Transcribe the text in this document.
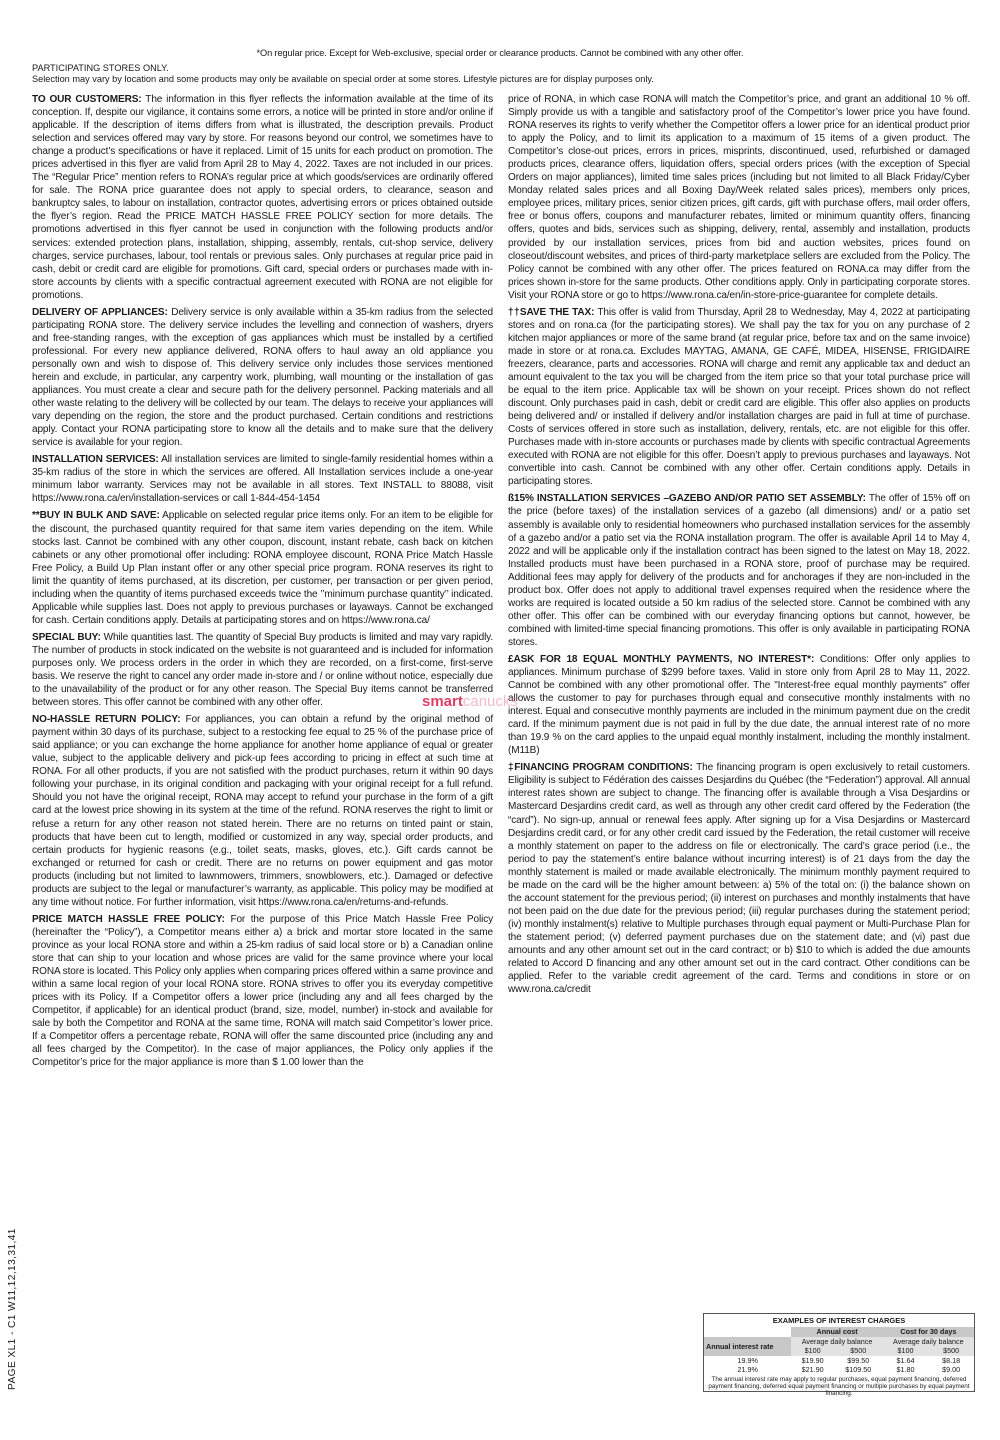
*On regular price. Except for Web-exclusive, special order or clearance products. Cannot be combined with any other offer.
PARTICIPATING STORES ONLY.
Selection may vary by location and some products may only be available on special order at some stores. Lifestyle pictures are for display purposes only.

TO OUR CUSTOMERS: The information in this flyer reflects the information available at the time of its conception. If, despite our vigilance, it contains some errors, a notice will be printed in store and/or online if applicable. If the description of items differs from what is illustrated, the description prevails. Product selection and services offered may vary by store. For reasons beyond our control, we sometimes have to change a product’s specifications or have it replaced. Limit of 15 units for each product on promotion. The prices advertised in this flyer are valid from April 28 to May 4, 2022. Taxes are not included in our prices. The “Regular Price” mention refers to RONA’s regular price at which goods/services are ordinarily offered for sale. The RONA price guarantee does not apply to special orders, to clearance, season and bankruptcy sales, to labour on installation, contractor quotes, advertising errors or prices obtained outside the flyer’s region. Read the PRICE MATCH HASSLE FREE POLICY section for more details. The promotions advertised in this flyer cannot be used in conjunction with the following products and/or services: extended protection plans, installation, shipping, assembly, rentals, cut-shop service, delivery charges, service purchases, labour, tool rentals or previous sales. Only purchases at regular price paid in cash, debit or credit card are eligible for promotions. Gift card, special orders or purchases made with in-store accounts by clients with a specific contractual agreement executed with RONA are not eligible for promotions.

DELIVERY OF APPLIANCES: Delivery service is only available within a 35-km radius from the selected participating RONA store. The delivery service includes the levelling and connection of washers, dryers and free-standing ranges, with the exception of gas appliances which must be installed by a certified professional. For every new appliance delivered, RONA offers to haul away an old appliance you personally own and wish to dispose of. This delivery service only includes those services mentioned herein and exclude, in particular, any carpentry work, plumbing, wall mounting or the installation of gas appliances. You must create a clear and secure path for the delivery personnel. Packing materials and all other waste relating to the delivery will be collected by our team. The delays to receive your appliances will vary depending on the region, the store and the product purchased. Certain conditions and restrictions apply. Contact your RONA participating store to know all the details and to make sure that the delivery service is available for your region.

INSTALLATION SERVICES: All installation services are limited to single-family residential homes within a 35-km radius of the store in which the services are offered. All Installation services include a one-year minimum labor warranty. Services may not be available in all stores. Text INSTALL to 88088, visit https://www.rona.ca/en/installation-services or call 1-844-454-1454

**BUY IN BULK AND SAVE: Applicable on selected regular price items only. For an item to be eligible for the discount, the purchased quantity required for that same item varies depending on the item. While stocks last. Cannot be combined with any other coupon, discount, instant rebate, cash back on kitchen cabinets or any other promotional offer including: RONA employee discount, RONA Price Match Hassle Free Policy, a Build Up Plan instant offer or any other special price program. RONA reserves its right to limit the quantity of items purchased, at its discretion, per customer, per transaction or per given period, including when the quantity of items purchased exceeds twice the ’’minimum purchase quantity’’ indicated. Applicable while supplies last. Does not apply to previous purchases or layaways. Cannot be exchanged for cash. Certain conditions apply. Details at participating stores and on https://www.rona.ca/

SPECIAL BUY: While quantities last. The quantity of Special Buy products is limited and may vary rapidly. The number of products in stock indicated on the website is not guaranteed and is included for information purposes only. We process orders in the order in which they are recorded, on a first-come, first-serve basis. We reserve the right to cancel any order made in-store and / or online without notice, especially due to the unavailability of the product or for any other reason. The Special Buy items cannot be transferred between stores. This offer cannot be combined with any other offer.

NO-HASSLE RETURN POLICY: For appliances, you can obtain a refund by the original method of payment within 30 days of its purchase, subject to a restocking fee equal to 25 % of the purchase price of said appliance; or you can exchange the home appliance for another home appliance of equal or greater value, subject to the applicable delivery and pick-up fees according to pricing in effect at such time at RONA. For all other products, if you are not satisfied with the product purchases, return it within 90 days following your purchase, in its original condition and packaging with your original receipt for a full refund. Should you not have the original receipt, RONA may accept to refund your purchase in the form of a gift card at the lowest price showing in its system at the time of the refund. RONA reserves the right to limit or refuse a return for any other reason not stated herein. There are no returns on tinted paint or stain, products that have been cut to length, modified or customized in any way, special order products, and certain products for hygienic reasons (e.g., toilet seats, masks, gloves, etc.). Gift cards cannot be exchanged or returned for cash or credit. There are no returns on power equipment and gas motor products (including but not limited to lawnmowers, trimmers, snowblowers, etc.). Damaged or defective products are subject to the legal or manufacturer’s warranty, as applicable. This policy may be modified at any time without notice. For further information, visit https://www.rona.ca/en/returns-and-refunds.

PRICE MATCH HASSLE FREE POLICY: For the purpose of this Price Match Hassle Free Policy (hereinafter the “Policy”), a Competitor means either a) a brick and mortar store located in the same province as your local RONA store and within a 25-km radius of said local store or b) a Canadian online store that can ship to your location and whose prices are valid for the same province where your local RONA store is located. This Policy only applies when comparing prices offered within a same province and within a same local region of your local RONA store. RONA strives to offer you its everyday competitive prices with its Policy. If a Competitor offers a lower price (including any and all fees charged by the Competitor, if applicable) for an identical product (brand, size, model, number) in-stock and available for sale by both the Competitor and RONA at the same time, RONA will match said Competitor’s lower price. If a Competitor offers a percentage rebate, RONA will offer the same discounted price (including any and all fees charged by the Competitor). In the case of major appliances, the Policy only applies if the Competitor’s price for the major appliance is more than $ 1.00 lower than the

price of RONA, in which case RONA will match the Competitor’s price, and grant an additional 10 % off. Simply provide us with a tangible and satisfactory proof of the Competitor’s lower price you have found. RONA reserves its rights to verify whether the Competitor offers a lower price for an identical product prior to apply the Policy, and to limit its application to a maximum of 15 items of a given product. The Competitor’s close-out prices, errors in prices, misprints, discontinued, used, refurbished or damaged products prices, clearance offers, liquidation offers, special orders prices (with the exception of Special Orders on major appliances), limited time sales prices (including but not limited to all Black Friday/Cyber Monday related sales prices and all Boxing Day/Week related sales prices), members only prices, employee prices, military prices, senior citizen prices, gift cards, gift with purchase offers, mail order offers, free or bonus offers, coupons and manufacturer rebates, limited or minimum quantity offers, financing offers, quotes and bids, services such as shipping, delivery, rental, assembly and installation, products provided by our installation services, prices from bid and auction websites, prices found on closeout/discount websites, and prices of third-party marketplace sellers are excluded from the Policy. The Policy cannot be combined with any other offer. The prices featured on RONA.ca may differ from the prices shown in-store for the same products. Other conditions apply. Only in participating corporate stores. Visit your RONA store or go to https://www.rona.ca/en/in-store-price-guarantee for complete details.

††SAVE THE TAX: This offer is valid from Thursday, April 28 to Wednesday, May 4, 2022 at participating stores and on rona.ca (for the participating stores). We shall pay the tax for you on any purchase of 2 kitchen major appliances or more of the same brand (at regular price, before tax and on the same invoice) made in store or at rona.ca. Excludes MAYTAG, AMANA, GE CAFÉ, MIDEA, HISENSE, FRIGIDAIRE freezers, clearance, parts and accessories. RONA will charge and remit any applicable tax and deduct an amount equivalent to the tax you will be charged from the item price so that your total purchase price will be equal to the item price. Applicable tax will be shown on your receipt. Prices shown do not reflect discount. Only purchases paid in cash, debit or credit card are eligible. This offer also applies on products being delivered and/ or installed if delivery and/or installation charges are paid in full at time of purchase. Costs of services offered in store such as installation, delivery, rentals, etc. are not eligible for this offer. Purchases made with in-store accounts or purchases made by clients with specific contractual Agreements executed with RONA are not eligible for this offer. Doesn’t apply to previous purchases and layaways. Not convertible into cash. Cannot be combined with any other offer. Certain conditions apply. Details in participating stores.

ß15% INSTALLATION SERVICES –GAZEBO AND/OR PATIO SET ASSEMBLY: The offer of 15% off on the price (before taxes) of the installation services of a gazebo (all dimensions) and/ or a patio set assembly is available only to residential homeowners who purchased installation services for the assembly of a gazebo and/or a patio set via the RONA installation program. The offer is available April 14 to May 4, 2022 and will be applicable only if the installation contract has been signed to the latest on May 18, 2022. Installed products must have been purchased in a RONA store, proof of purchase may be required. Additional fees may apply for delivery of the products and for anchorages if they are non-included in the product box. Offer does not apply to additional travel expenses required when the residence where the works are required is located outside a 50 km radius of the selected store. Cannot be combined with any other offer. This offer can be combined with our everyday financing options but cannot, however, be combined with limited-time special financing promotions. This offer is only available in participating RONA stores.

£ASK FOR 18 EQUAL MONTHLY PAYMENTS, NO INTEREST*: Conditions: Offer only applies to appliances. Minimum purchase of $299 before taxes. Valid in store only from April 28 to May 11, 2022. Cannot be combined with any other promotional offer. The "Interest-free equal monthly payments" offer allows the customer to pay for purchases through equal and consecutive monthly instalments with no interest. Equal and consecutive monthly payments are included in the minimum payment due on the credit card. If the minimum payment due is not paid in full by the due date, the annual interest rate of no more than 19.9 % on the card applies to the unpaid equal monthly instalment, including the monthly instalment. (M11B)

‡FINANCING PROGRAM CONDITIONS: The financing program is open exclusively to retail customers. Eligibility is subject to Fédération des caisses Desjardins du Québec (the “Federation”) approval. All annual interest rates shown are subject to change. The financing offer is available through a Visa Desjardins or Mastercard Desjardins credit card, as well as through any other credit card offered by the Federation (the “card”). No sign-up, annual or renewal fees apply. After signing up for a Visa Desjardins or Mastercard Desjardins credit card, or for any other credit card issued by the Federation, the retail customer will receive a monthly statement on paper to the address on file or electronically. The card’s grace period (i.e., the period to pay the statement’s entire balance without incurring interest) is of 21 days from the day the monthly statement is mailed or made available electronically. The minimum monthly payment required to be made on the card will be the higher amount between: a) 5% of the total on: (i) the balance shown on the account statement for the previous period; (ii) interest on purchases and monthly instalments that have not been paid on the due date for the previous period; (iii) regular purchases during the statement period; (iv) monthly instalment(s) relative to Multiple purchases through equal payment or Multi-Purchase Plan for the statement period; (v) deferred payment purchases due on the statement date; and (vi) past due amounts and any other amount set out in the card contract; or b) $10 to which is added the due amounts related to Accord D financing and any other amount set out in the card contract. Other conditions can be applied. Refer to the variable credit agreement of the card. Terms and conditions in store or on www.rona.ca/credit

EXAMPLES OF INTEREST CHARGES
	Annual cost		Cost for 30 days	
Annual interest rate	Average daily balance		Average daily balance	
	$100	$500	$100	$500
19.9%	$19.90	$99.50	$1.64	$8.18
21.9%	$21.90	$109.50	$1.80	$9.00
The annual interest rate may apply to regular purchases, equal payment financing, deferred payment financing, deferred equal payment financing or multiple purchases by equal payment financing.
PAGE XL1 - C1 W11,12,13,31,41
smartcanucks
